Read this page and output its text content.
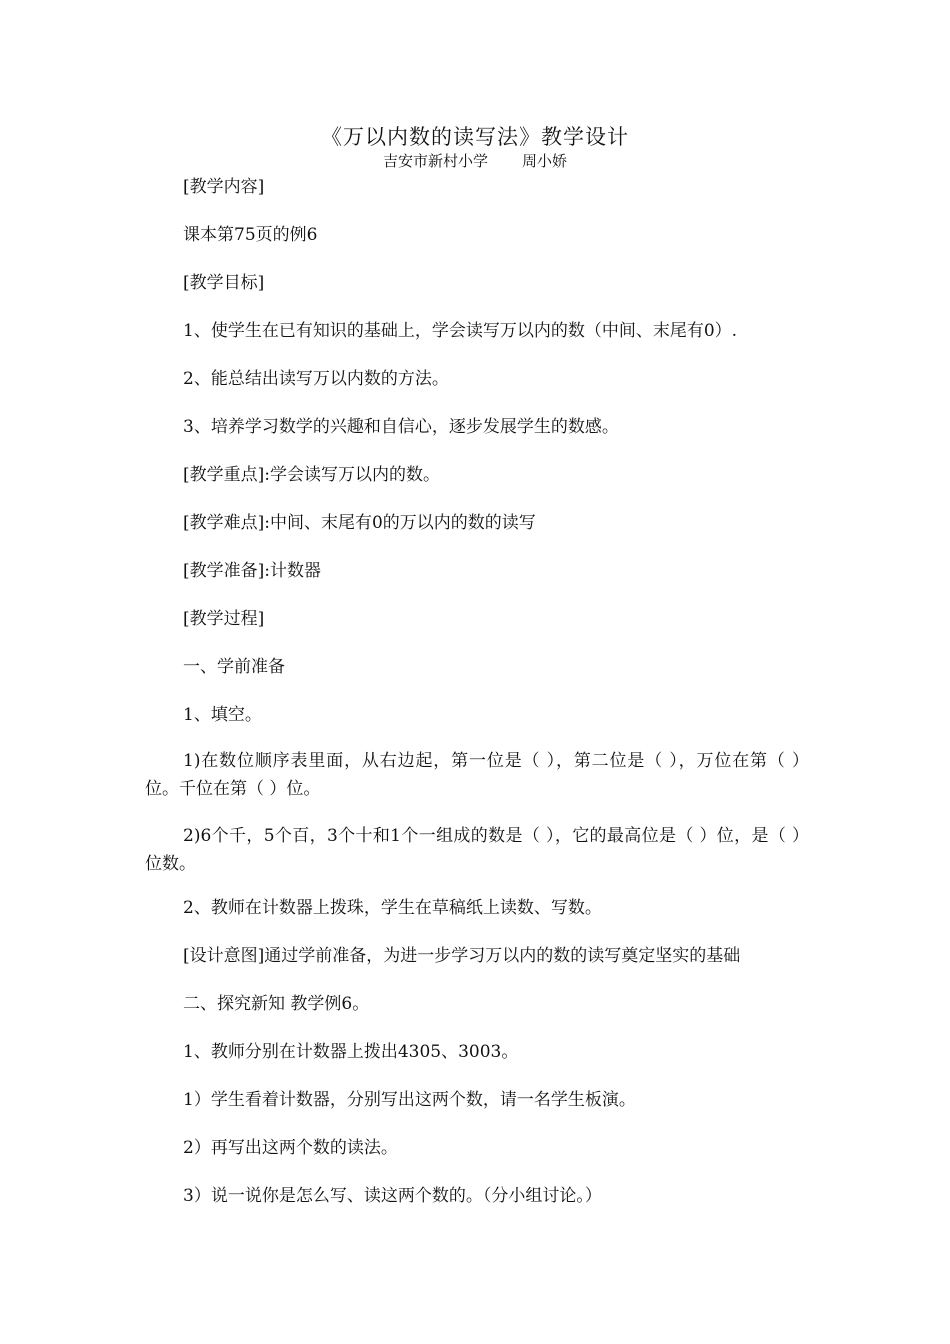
《万以内数的读写法》教学设计
吉安市新村小学 周小娇
[教学内容]
课本第75页的例6
[教学目标]
1、使学生在已有知识的基础上，学会读写万以内的数（中间、末尾有0）.
2、能总结出读写万以内数的方法。
3、培养学习数学的兴趣和自信心，逐步发展学生的数感。
[教学重点]:学会读写万以内的数。
[教学难点]:中间、末尾有0的万以内的数的读写
[教学准备]:计数器
[教学过程]
一、学前准备
1、填空。
1)在数位顺序表里面，从右边起，第一位是（ ），第二位是（ ），万位在第（ ）位。千位在第（ ）位。
2)6个千，5个百，3个十和1个一组成的数是（ ），它的最高位是（ ）位，是（ ）位数。
2、教师在计数器上拨珠，学生在草稿纸上读数、写数。
[设计意图]通过学前准备，为进一步学习万以内的数的读写奠定坚实的基础
二、探究新知 教学例6。
1、教师分别在计数器上拨出4305、3003。
1）学生看着计数器，分别写出这两个数，请一名学生板演。
2）再写出这两个数的读法。
3）说一说你是怎么写、读这两个数的。（分小组讨论。）
